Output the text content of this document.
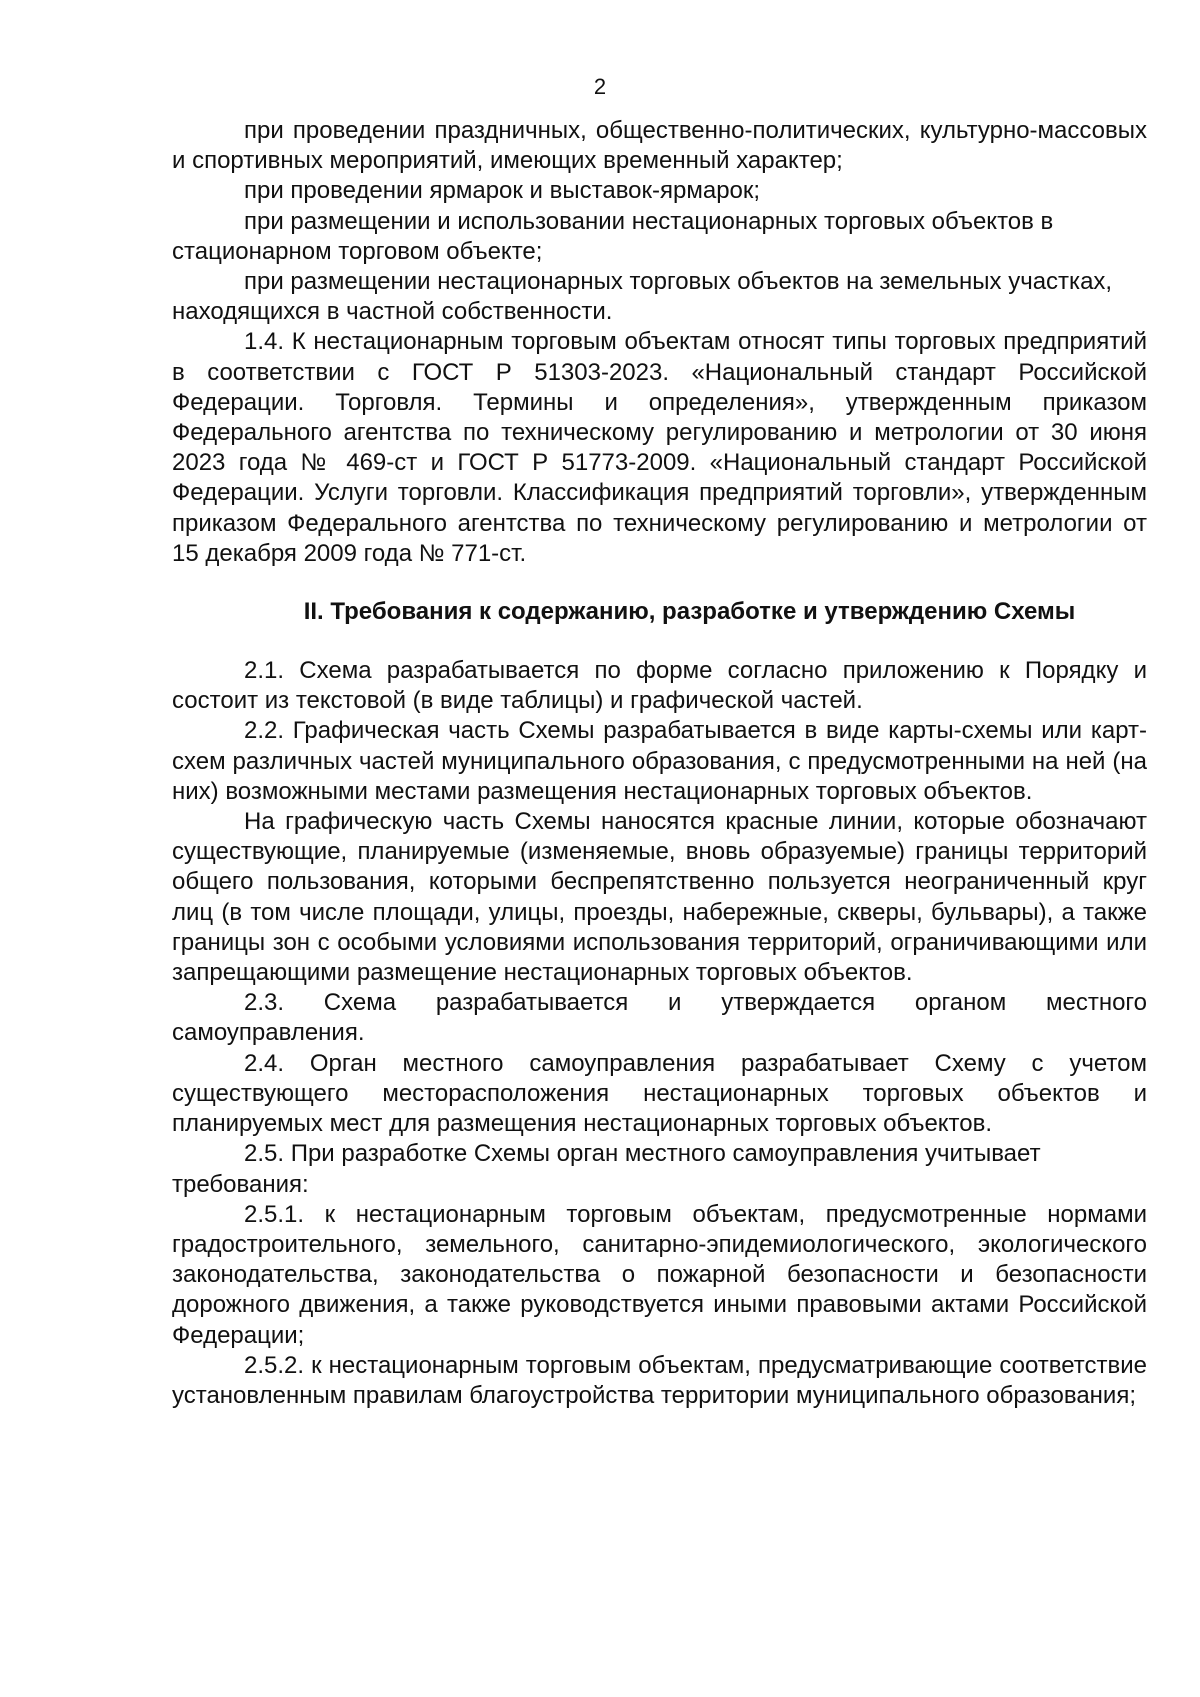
2

при проведении праздничных, общественно-политических, культурно-массовых и спортивных мероприятий, имеющих временный характер;

при проведении ярмарок и выставок-ярмарок;

при размещении и использовании нестационарных торговых объектов в стационарном торговом объекте;

при размещении нестационарных торговых объектов на земельных участках, находящихся в частной собственности.

1.4. К нестационарным торговым объектам относят типы торговых предприятий в соответствии с ГОСТ Р 51303-2023. «Национальный стандарт Российской Федерации. Торговля. Термины и определения», утвержденным приказом Федерального агентства по техническому регулированию и метрологии от 30 июня 2023 года № 469-ст и ГОСТ Р 51773-2009. «Национальный стандарт Российской Федерации. Услуги торговли. Классификация предприятий торговли», утвержденным приказом Федерального агентства по техническому регулированию и метрологии от 15 декабря 2009 года № 771-ст.

II. Требования к содержанию, разработке и утверждению Схемы

2.1. Схема разрабатывается по форме согласно приложению к Порядку и состоит из текстовой (в виде таблицы) и графической частей.

2.2. Графическая часть Схемы разрабатывается в виде карты-схемы или карт-схем различных частей муниципального образования, с предусмотренными на ней (на них) возможными местами размещения нестационарных торговых объектов.

На графическую часть Схемы наносятся красные линии, которые обозначают существующие, планируемые (изменяемые, вновь образуемые) границы территорий общего пользования, которыми беспрепятственно пользуется неограниченный круг лиц (в том числе площади, улицы, проезды, набережные, скверы, бульвары), а также границы зон с особыми условиями использования территорий, ограничивающими или запрещающими размещение нестационарных торговых объектов.

2.3. Схема разрабатывается и утверждается органом местного самоуправления.

2.4. Орган местного самоуправления разрабатывает Схему с учетом существующего месторасположения нестационарных торговых объектов и планируемых мест для размещения нестационарных торговых объектов.

2.5. При разработке Схемы орган местного самоуправления учитывает требования:

2.5.1. к нестационарным торговым объектам, предусмотренные нормами градостроительного, земельного, санитарно-эпидемиологического, экологического законодательства, законодательства о пожарной безопасности и безопасности дорожного движения, а также руководствуется иными правовыми актами Российской Федерации;

2.5.2. к нестационарным торговым объектам, предусматривающие соответствие установленным правилам благоустройства территории муниципального образования;
